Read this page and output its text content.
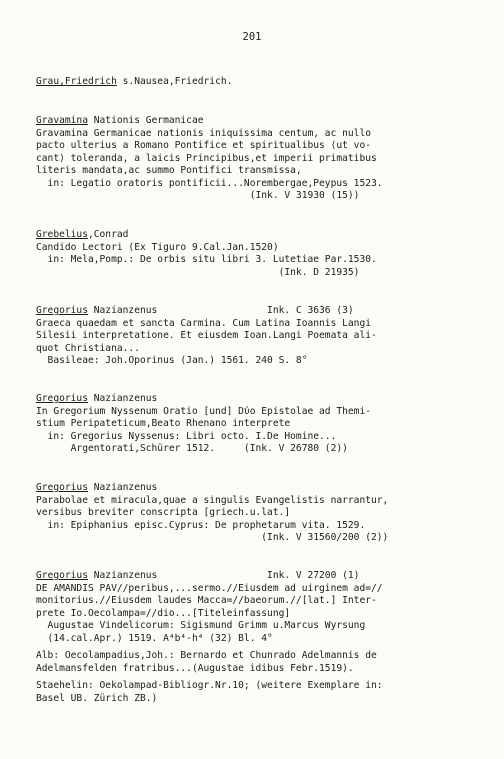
201
Grau,Friedrich s.Nausea,Friedrich.
Gravamina Nationis Germanicae
Gravamina Germanicae nationis iniquissima centum, ac nullo
pacto ulterius a Romano Pontifice et spiritualibus ⟨ut vo-
cant⟩ toleranda, a laicis Principibus,et imperii primatibus
literis mandata,ac summo Pontifici transmissa,
in: Legatio oratoris pontificii...Norembergae,Peypus 1523.
(Ink. V 31930 (15))
Grebelius,Conrad
Candido Lectori (Ex Tiguro 9.Cal.Jan.1520)
in: Mela,Pomp.: De orbis situ libri 3. Lutetiae Par.1530.
(Ink. D 21935)
Gregorius Nazianzenus                   Ink. C 3636 (3)
Graeca quaedam et sancta Carmina. Cum Latina Ioannis Langi
Silesii interpretatione. Et eiusdem Ioan.Langi Poemata ali-
quot Christiana...
Basileae: Joh.Oporinus (Jan.) 1561. 240 S. 8°
Gregorius Nazianzenus
In Gregorium Nyssenum Oratio [und] Dύο Epistolae ad Themi-
stium Peripateticum,Beato Rhenano interprete
in: Gregorius Nyssenus: Libri octo. I.De Homine...
Argentorati,Schürer 1512.     (Ink. V 26780 (2))
Gregorius Nazianzenus
Parabolae et miracula,quae a singulis Evangelistis narrantur,
versibus breviter conscripta [griech.u.lat.]
in: Epiphanius episc.Cyprus: De prophetarum vita. 1529.
(Ink. V 31560/200 (2))
Gregorius Nazianzenus                   Ink. V 27200 (1)
DE AMANDIS PAV//peribus,...sermo.//Eiusdem ad uirginem ad=//
monitorius.//Eiusdem laudes Macca=//baeorum.//[lat.] Inter-
prete Io.Oecolampa=//dio...[Titeleinfassung]
Augustae Vindelicorum: Sigismund Grimm u.Marcus Wyrsung
(14.cal.Apr.) 1519. A⁴b⁴-h⁴ (32) Bl. 4°
Alb: Oecolampadius,Joh.: Bernardo et Chunrado Adelmannis de
Adelmansfelden fratribus...(Augustae idibus Febr.1519).
Staehelin: Oekolampad-Bibliogr.Nr.10; (weitere Exemplare in:
Basel UB. Zürich ZB.)
